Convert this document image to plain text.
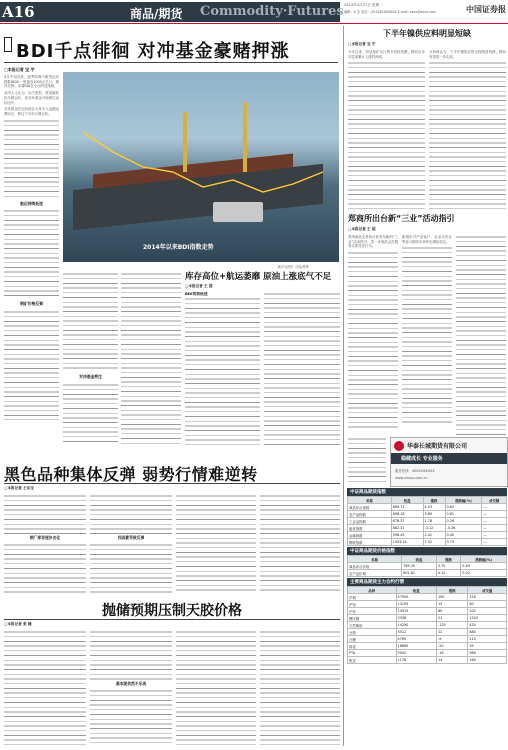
A16	商品/期货 Commodity·Futures 2014年4月21日 星期一
编辑：X 宝 电话：(010)XXXXXXXX E-mail: xxxx@xxxx.com	中国证券报
BDI千点徘徊 对冲基金豪赌押涨
□本报记者 宝 宇
4月中旬以来，波罗的海干散货运价指数(BDI)一度逼近1000点关口，展开反弹。本周BDI在千点附近徘徊。
业内人士认为，运力宽松、需求疲软仍压制运价，但对冲基金开始押注运价回升。
对冲基金在运价低位大举买入远期运费协议，押注下半年行情反转。
航运持续低迷
钢矿价格反弹
2014年以来BDI指数走势
新华社图片 合成/张晖
对冲基金押注
库存高位+航运萎靡 原油上涨底气不足
□本报记者 王 超
BDI或将低迷
下半年镍供应料明显短缺
□本报记者 宝 宇
今年以来，印尼原矿出口禁令持续发酵，镍价自年初以来累计上涨约两成。
分析师认为，下半年镍供应将出现明显短缺，镍价有望进一步走高。
郑商所出台新“三业”活动指引
□本报记者 王 超
郑州商品交易所日前发布新的“三业”活动指引，进一步规范会员服务实体经济行为。
新指引对产业客户、农业合作社等参与期货市场作出细化规定。
华泰长城期货有限公司
稳健成长 专业服务
服务热线：400XXXXXXX
www.xxxxx.com.cn
黑色品种集体反弹 弱势行情难逆转
□本报记者 王东宝
钢厂库存逐步去化	四因素导致反弹
抛储预期压制天胶价格
□本报记者 张 楠
基本面依然不乐观
中证商品期货指数
名称	收盘	涨跌	涨跌幅(%)	成交额
商品综合指数	689.72	4.23	0.62	—
农产品指数	698.18	5.60	0.81	—
工业品指数	678.37	1.78	0.26	—
能化指数	862.31	-3.12	-0.36	—
金属指数	598.45	2.41	0.40	—
钢铁指数	1003.24	7.32	0.73	—
中证商品期货价格指数
名称	收盘	涨跌	涨跌幅(%)
商品综合价格	765.29	3.75	0.49
农产品价格	801.61	4.12	0.52
主要商品期货主力合约行情
品种	收盘	涨跌	成交量
沪铜	47950	190	318
沪铝	13195	15	60
沪锌	14915	80	102
螺纹钢	3338	21	1520
天然橡胶	14290	-125	420
豆粕	3512	12	880
白糖	4765	-9	210
棉花	16860	-20	35
PTA	5542	-18	980
焦炭	1176	14	260
